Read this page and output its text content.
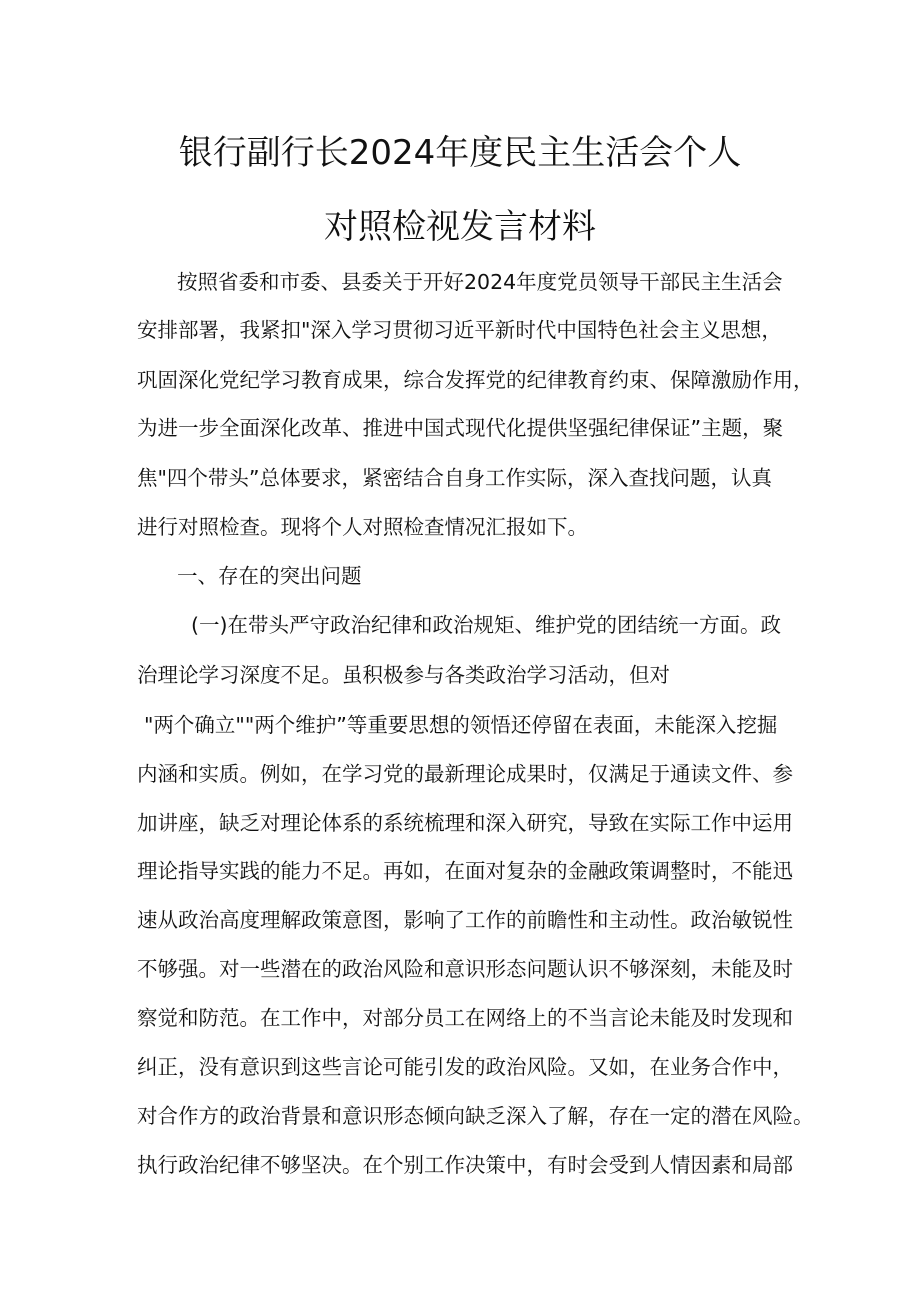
银行副行长2024年度民主生活会个人
对照检视发言材料
按照省委和市委、县委关于开好2024年度党员领导干部民主生活会
安排部署，我紧扣"深入学习贯彻习近平新时代中国特色社会主义思想，
巩固深化党纪学习教育成果，综合发挥党的纪律教育约束、保障激励作用，
为进一步全面深化改革、推进中国式现代化提供坚强纪律保证”主题，聚
焦"四个带头”总体要求，紧密结合自身工作实际，深入查找问题，认真
进行对照检查。现将个人对照检查情况汇报如下。
一、存在的突出问题
(一)在带头严守政治纪律和政治规矩、维护党的团结统一方面。政
治理论学习深度不足。虽积极参与各类政治学习活动，但对
"两个确立""两个维护”等重要思想的领悟还停留在表面，未能深入挖掘
内涵和实质。例如，在学习党的最新理论成果时，仅满足于通读文件、参
加讲座，缺乏对理论体系的系统梳理和深入研究，导致在实际工作中运用
理论指导实践的能力不足。再如，在面对复杂的金融政策调整时，不能迅
速从政治高度理解政策意图，影响了工作的前瞻性和主动性。政治敏锐性
不够强。对一些潜在的政治风险和意识形态问题认识不够深刻，未能及时
察觉和防范。在工作中，对部分员工在网络上的不当言论未能及时发现和
纠正，没有意识到这些言论可能引发的政治风险。又如，在业务合作中，
对合作方的政治背景和意识形态倾向缺乏深入了解，存在一定的潜在风险。
执行政治纪律不够坚决。在个别工作决策中，有时会受到人情因素和局部
